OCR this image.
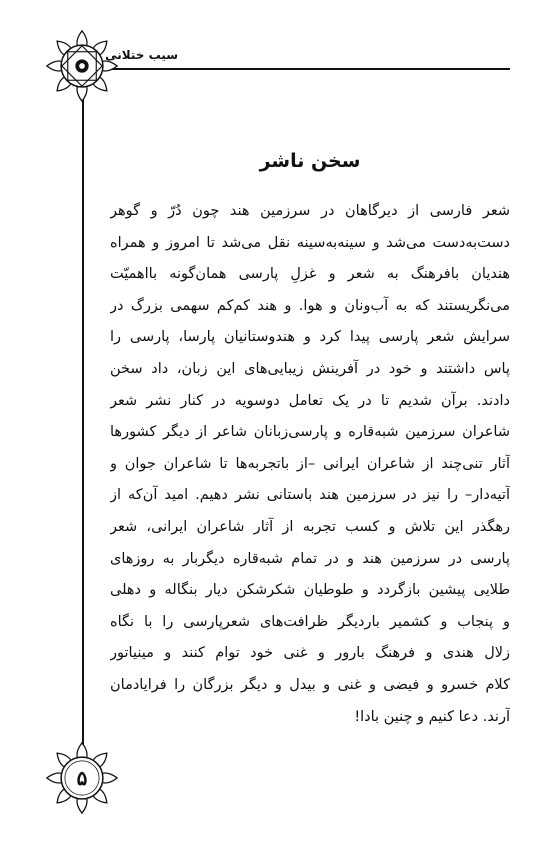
سیب ختلانی
۵
سخن ناشر
شعر فارسی از دیرگاهان در سرزمین هند چون دُرّ و گوهر
دست‌به‌دست می‌شد و سینه‌به‌سینه نقل می‌شد تا امروز و همراه
هندیان بافرهنگ به شعر و غزلِ پارسی همان‌گونه بااهمیّت
می‌نگریستند که به آب‌ونان و هوا. و هند کم‌کم سهمی بزرگ در
سرایش شعر پارسی پیدا کرد و هندوستانیان پارسا، پارسی را
پاس داشتند و خود در آفرینش زیبایی‌های این زبان، داد سخن
دادند. برآن شدیم تا در یک تعامل دوسویه در کنار نشر شعر
شاعران سرزمین شبه‌قاره و پارسی‌زبانان شاعر از دیگر کشورها
آثار تنی‌چند از شاعران ایرانی –از باتجربه‌ها تا شاعران جوان و
آتیه‌دار– را نیز در سرزمین هند باستانی نشر دهیم. امید آن‌که از
رهگذر این تلاش و کسب تجربه از آثار شاعران ایرانی، شعر
پارسی در سرزمین هند و در تمام شبه‌قاره دیگربار به روزهای
طلایی پیشین بازگردد و طوطیان شکرشکن دیار بنگاله و دهلی
و پنجاب و کشمیر باردیگر ظرافت‌های شعرپارسی را با نگاه
زلال هندی و فرهنگ بارور و غنی خود توام کنند و مینیاتور
کلام خسرو و فیضی و غنی و بیدل و دیگر بزرگان را فرایادمان
آرند. دعا کنیم و چنین بادا!
